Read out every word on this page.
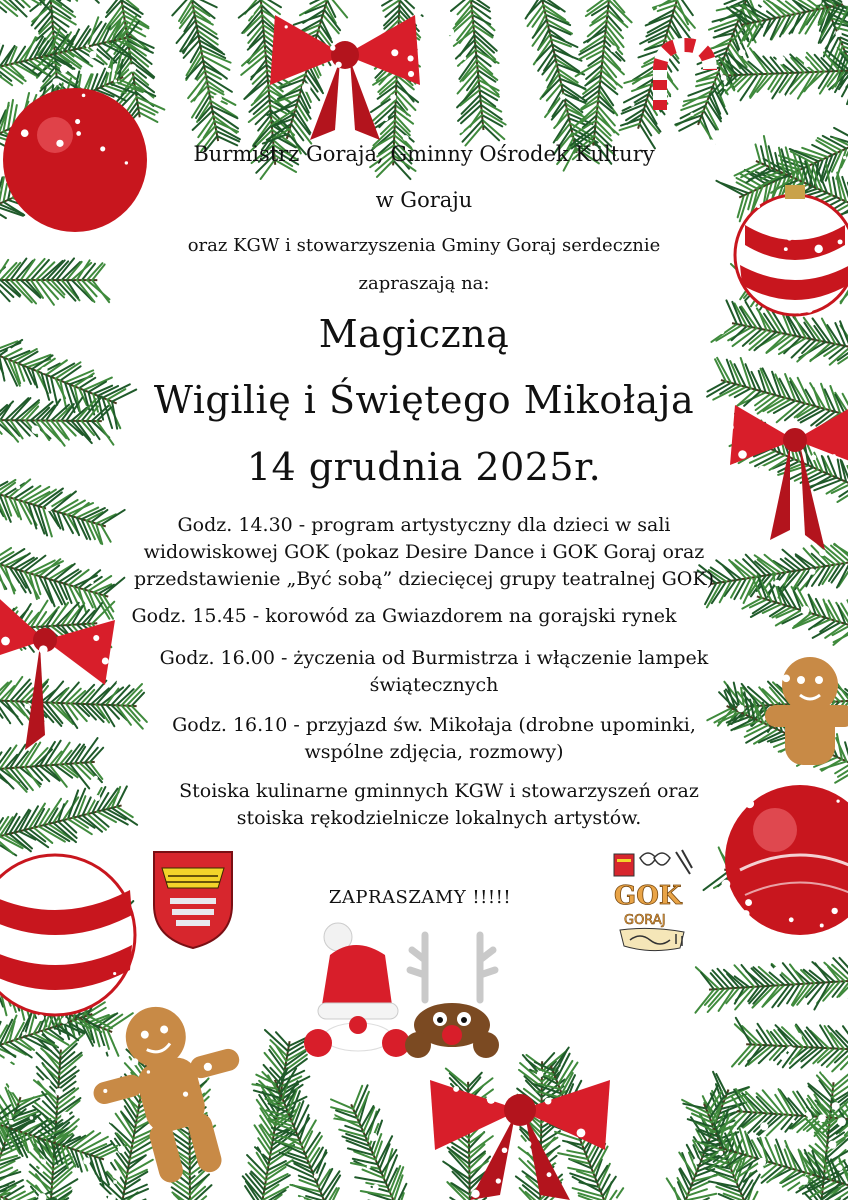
Burmistrz Goraja, Gminny Ośrodek Kultury
w Goraju
oraz KGW i stowarzyszenia Gminy Goraj serdecznie
zapraszają na:
Magiczną
Wigilię i Świętego Mikołaja
14 grudnia 2025r.
Godz. 14.30 - program artystyczny dla dzieci w sali
widowiskowej GOK (pokaz Desire Dance i GOK Goraj oraz
przedstawienie „Być sobą” dziecięcej grupy teatralnej GOK)
Godz. 15.45 - korowód za Gwiazdorem na gorajski rynek
Godz. 16.00 - życzenia od Burmistrza i włączenie lampek
świątecznych
Godz. 16.10 - przyjazd św. Mikołaja (drobne upominki,
wspólne zdjęcia, rozmowy)
Stoiska kulinarne gminnych KGW i stowarzyszeń oraz
stoiska rękodzielnicze lokalnych artystów.
ZAPRASZAMY !!!!!	GOK
GORAJ
